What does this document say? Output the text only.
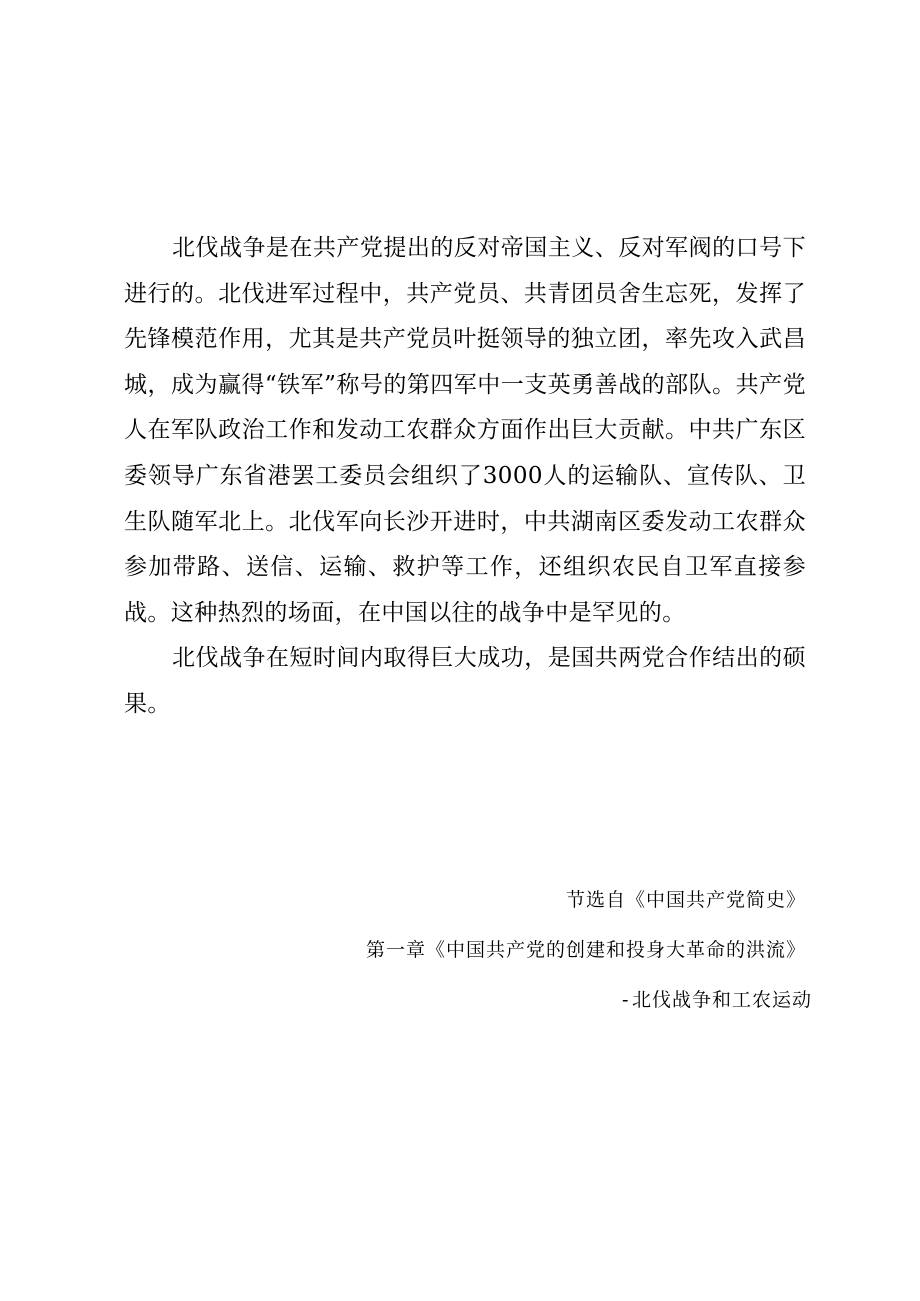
北伐战争是在共产党提出的反对帝国主义、反对军阀的口号下进行的。北伐进军过程中，共产党员、共青团员舍生忘死，发挥了先锋模范作用，尤其是共产党员叶挺领导的独立团，率先攻入武昌城，成为赢得“铁军”称号的第四军中一支英勇善战的部队。共产党人在军队政治工作和发动工农群众方面作出巨大贡献。中共广东区委领导广东省港罢工委员会组织了3000人的运输队、宣传队、卫生队随军北上。北伐军向长沙开进时，中共湖南区委发动工农群众参加带路、送信、运输、救护等工作，还组织农民自卫军直接参战。这种热烈的场面，在中国以往的战争中是罕见的。

北伐战争在短时间内取得巨大成功，是国共两党合作结出的硕果。

节选自《中国共产党简史》
第一章《中国共产党的创建和投身大革命的洪流》
-北伐战争和工农运动
